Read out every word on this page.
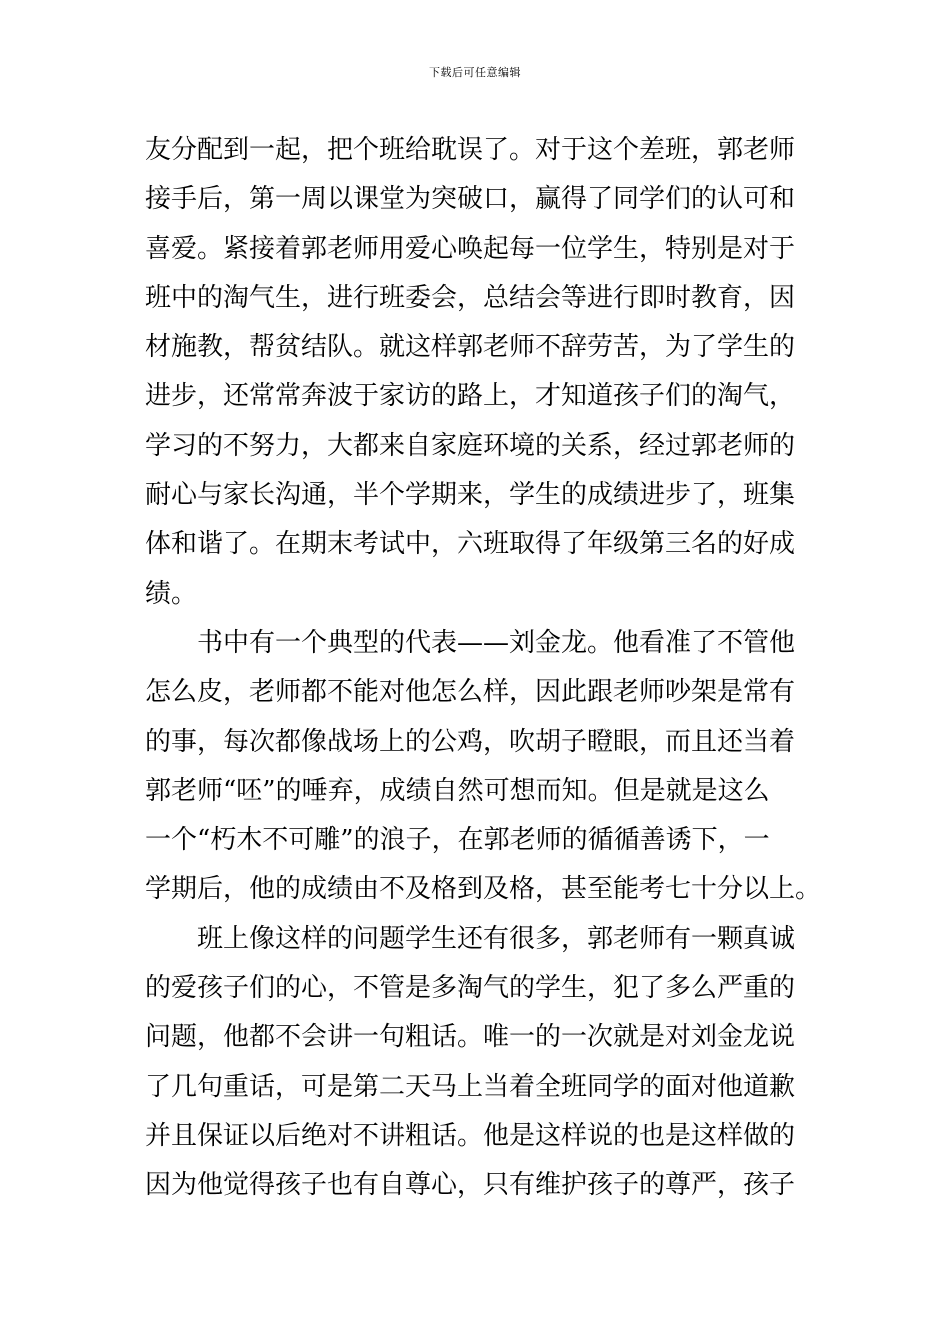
下载后可任意编辑
友分配到一起，把个班给耽误了。对于这个差班，郭老师
接手后，第一周以课堂为突破口，赢得了同学们的认可和
喜爱。紧接着郭老师用爱心唤起每一位学生，特别是对于
班中的淘气生，进行班委会，总结会等进行即时教育，因
材施教，帮贫结队。就这样郭老师不辞劳苦，为了学生的
进步，还常常奔波于家访的路上，才知道孩子们的淘气，
学习的不努力，大都来自家庭环境的关系，经过郭老师的
耐心与家长沟通，半个学期来，学生的成绩进步了，班集
体和谐了。在期末考试中，六班取得了年级第三名的好成
绩。
书中有一个典型的代表——刘金龙。他看准了不管他
怎么皮，老师都不能对他怎么样，因此跟老师吵架是常有
的事，每次都像战场上的公鸡，吹胡子瞪眼，而且还当着
郭老师“呸”的唾弃，成绩自然可想而知。但是就是这么
一个“朽木不可雕”的浪子，在郭老师的循循善诱下，一
学期后，他的成绩由不及格到及格，甚至能考七十分以上。
班上像这样的问题学生还有很多，郭老师有一颗真诚
的爱孩子们的心，不管是多淘气的学生，犯了多么严重的
问题，他都不会讲一句粗话。唯一的一次就是对刘金龙说
了几句重话，可是第二天马上当着全班同学的面对他道歉
并且保证以后绝对不讲粗话。他是这样说的也是这样做的
因为他觉得孩子也有自尊心，只有维护孩子的尊严，孩子
